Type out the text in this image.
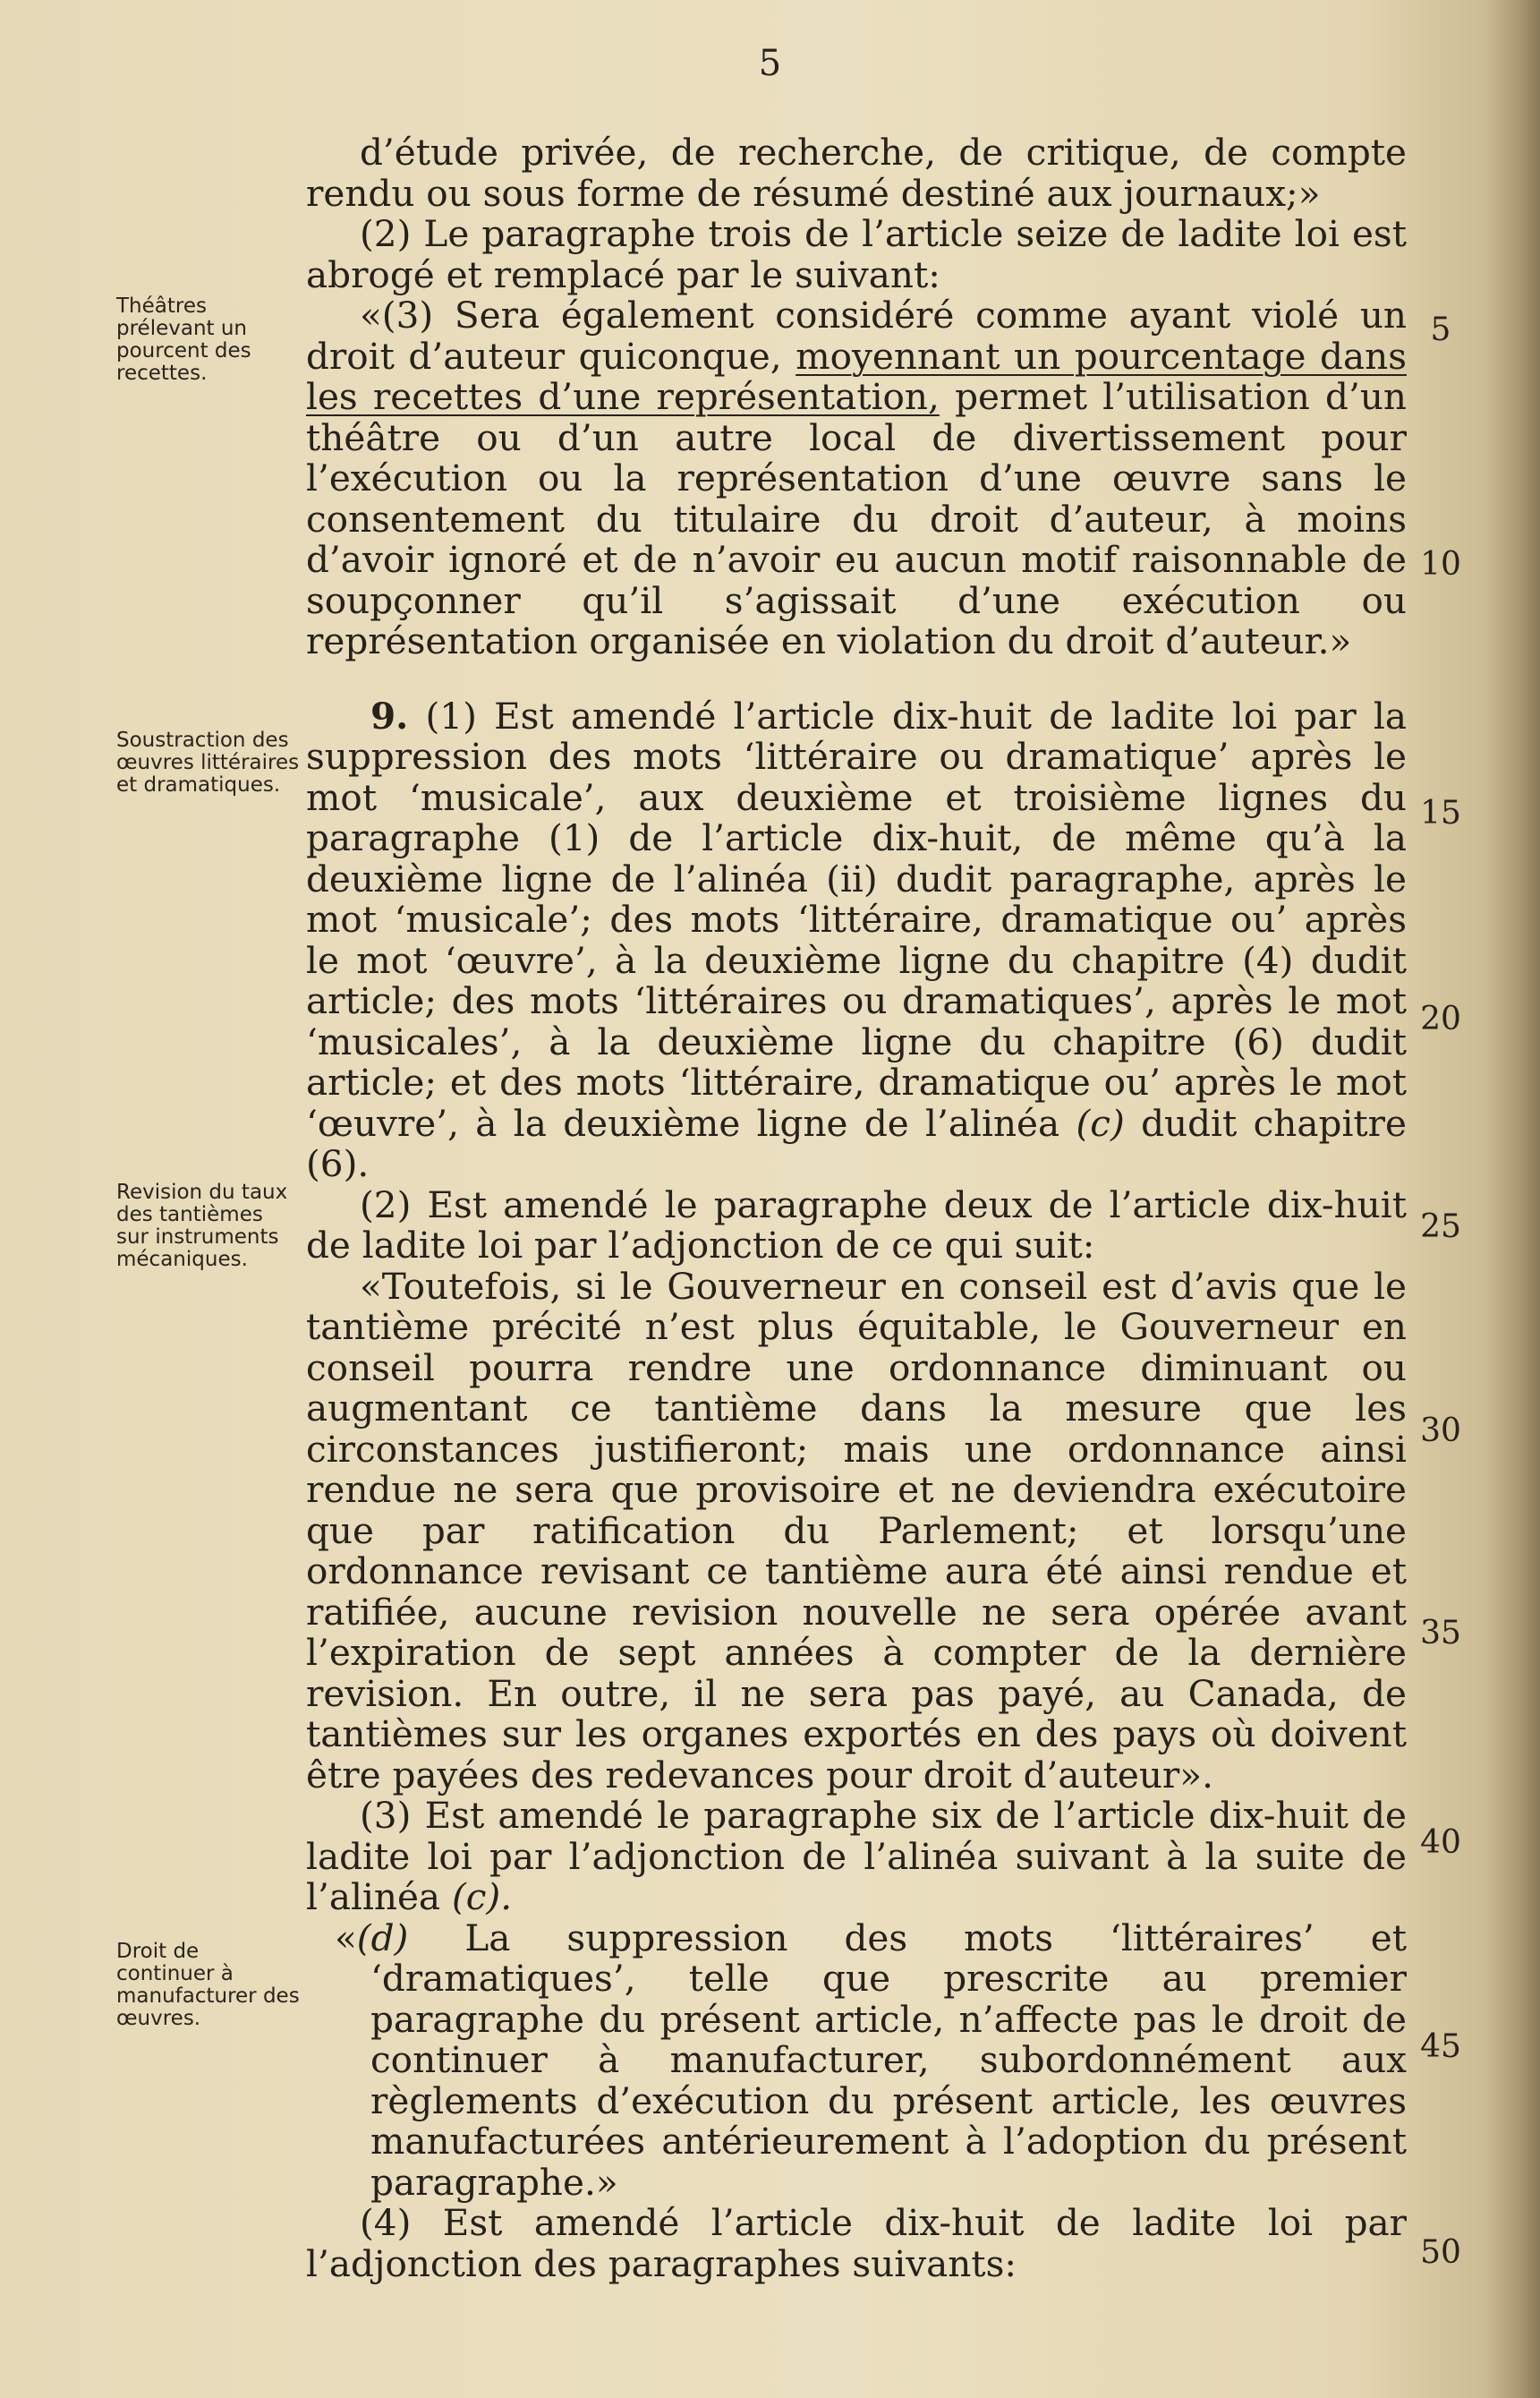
5

d’étude privée, de recherche, de critique, de compte rendu ou sous forme de résumé destiné aux journaux;»

(2) Le paragraphe trois de l’article seize de ladite loi est abrogé et remplacé par le suivant:

«(3) Sera également considéré comme ayant violé un droit d’auteur quiconque, moyennant un pourcentage dans les recettes d’une représentation, permet l’utilisation d’un théâtre ou d’un autre local de divertissement pour l’exécution ou la représentation d’une œuvre sans le consentement du titulaire du droit d’auteur, à moins d’avoir ignoré et de n’avoir eu aucun motif raisonnable de soupçonner qu’il s’agissait d’une exécution ou représentation organisée en violation du droit d’auteur.»

9. (1) Est amendé l’article dix-huit de ladite loi par la suppression des mots ‘littéraire ou dramatique’ après le mot ‘musicale’, aux deuxième et troisième lignes du paragraphe (1) de l’article dix-huit, de même qu’à la deuxième ligne de l’alinéa (ii) dudit paragraphe, après le mot ‘musicale’; des mots ‘littéraire, dramatique ou’ après le mot ‘œuvre’, à la deuxième ligne du chapitre (4) dudit article; des mots ‘littéraires ou dramatiques’, après le mot ‘musicales’, à la deuxième ligne du chapitre (6) dudit article; et des mots ‘littéraire, dramatique ou’ après le mot ‘œuvre’, à la deuxième ligne de l’alinéa (c) dudit chapitre (6).

(2) Est amendé le paragraphe deux de l’article dix-huit de ladite loi par l’adjonction de ce qui suit:

«Toutefois, si le Gouverneur en conseil est d’avis que le tantième précité n’est plus équitable, le Gouverneur en conseil pourra rendre une ordonnance diminuant ou augmentant ce tantième dans la mesure que les circonstances justifieront; mais une ordonnance ainsi rendue ne sera que provisoire et ne deviendra exécutoire que par ratification du Parlement; et lorsqu’une ordonnance revisant ce tantième aura été ainsi rendue et ratifiée, aucune revision nouvelle ne sera opérée avant l’expiration de sept années à compter de la dernière revision. En outre, il ne sera pas payé, au Canada, de tantièmes sur les organes exportés en des pays où doivent être payées des redevances pour droit d’auteur».

(3) Est amendé le paragraphe six de l’article dix-huit de ladite loi par l’adjonction de l’alinéa suivant à la suite de l’alinéa (c).

«(d) La suppression des mots ‘littéraires’ et ‘dramatiques’, telle que prescrite au premier paragraphe du présent article, n’affecte pas le droit de continuer à manufacturer, subordonnément aux règlements d’exécution du présent article, les œuvres manufacturées antérieurement à l’adoption du présent paragraphe.»

(4) Est amendé l’article dix-huit de ladite loi par l’adjonction des paragraphes suivants:

Théâtres prélevant un pourcent des recettes.
Soustraction des œuvres littéraires et dramatiques.
Revision du taux des tantièmes sur instruments mécaniques.
Droit de continuer à manufacturer des œuvres.
5
10
15
20
25
30
35
40
45
50
